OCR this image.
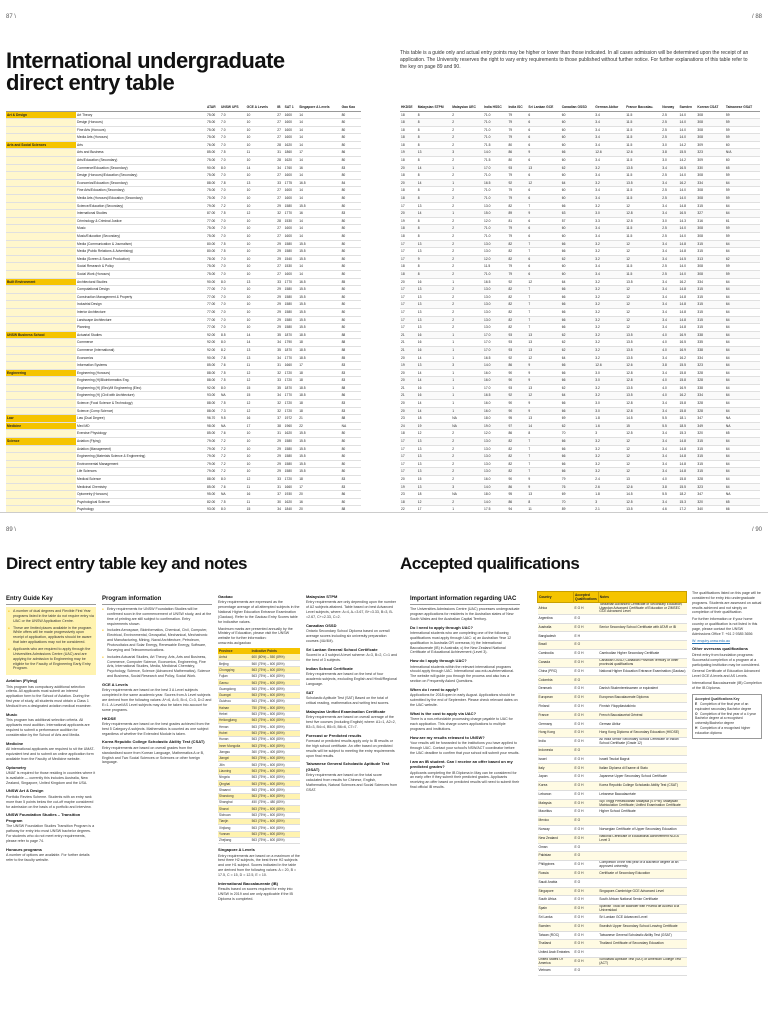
87 \	/ 88
International undergraduate direct entry table

This table is a guide only and actual entry points may be higher or lower than those indicated. In all cases admission will be determined upon the receipt of an application. The University reserves the right to vary entry requirements to those published without further notice. For further explanations of this table refer to the key on page 89 and 90.

		ATAR	UNSW UFS	GCE A Levels	IB	SAT 1	Singapore A Levels	Gao Kao
Art & Design	Art Theory	75.00	7.0	10	27	1600	14	80
	Design (Honours)	75.00	7.0	10	27	1600	14	80
	Fine Arts (Honours)	75.00	7.0	10	27	1600	14	80
	Media Arts (Honours)	75.00	7.0	10	27	1600	14	80
Arts and Social Sciences	Arts	76.00	7.0	10	28	1620	14	80
	Arts and Business	85.00	7.5	11	31	1860	17	86
	Arts/Education (Secondary)	75.00	7.0	10	28	1620	14	80
	Commerce/Education (Secondary)	90.00	8.0	14	34	1760	16	83
	Design (Honours)/Education (Secondary)	75.00	7.0	10	27	1600	14	80
	Economics/Education (Secondary)	88.00	7.8	13	33	1775	16.5	84
	Fine Arts/Education (Secondary)	75.00	7.0	10	27	1600	14	80
	Media Arts (Honours)/Education (Secondary)	75.00	7.0	10	27	1600	14	80
	Science/Education (Secondary)	79.00	7.2	10	29	1580	15.5	80
	International Studies	87.00	7.5	12	32	1770	16	83
	Criminology & Criminal Justice	77.00	7.0	10	28	1530	14	80
	Music	75.00	7.0	10	27	1600	14	80
	Music/Education (Secondary)	75.00	7.0	10	27	1600	14	80
	Media (Communication & Journalism)	80.00	7.5	10	29	1580	15.5	80
	Media (Public Relations & Advertising)	80.00	7.5	10	29	1580	15.5	80
	Media (Screen & Sound Production)	78.00	7.0	10	29	1540	15.5	80
	Social Research & Policy	75.00	7.0	10	27	1530	14	80
	Social Work (Honours)	75.00	7.0	10	27	1600	14	80
Built Environment	Architectural Studies	90.00	8.0	13	33	1770	16.5	85
	Computational Design	77.00	7.0	10	29	1580	15.5	80
	Construction Management & Property	77.00	7.0	10	29	1580	15.5	80
	Industrial Design	77.00	7.0	10	29	1580	15.5	80
	Interior Architecture	77.00	7.0	10	29	1580	15.5	80
	Landscape Architecture	77.00	7.0	10	29	1580	15.5	80
	Planning	77.00	7.0	10	29	1580	15.5	80
UNSW Business School	Actuarial Studies	92.00	8.5	14	35	1870	18.5	88
	Commerce	92.00	8.0	14	34	1790	18	88
	Commerce (International)	92.00	8.2	13	35	1870	18.5	88
	Economics	90.00	7.8	13	34	1770	18.5	85
	Information Systems	85.00	7.6	11	31	1660	17	83
Engineering	Engineering (Honours)	88.00	7.5	12	32	1720	18	83
	Engineering (H)/Bioinformatics Eng.	88.00	7.5	12	33	1720	18	83
	Engineering (H) (Elec)/M Engineering (Elec)	92.00	8.0	15	35	1870	18.5	88
	Engineering (H) (Civil with Architecture)	93.00	NA	15	34	1770	18.5	86
	Science (Food Science & Technology)	88.00	7.5	12	32	1720	18	83
	Science (Comp Science)	88.00	7.3	12	32	1720	18	83
Law	Law (Dual Degree)	96.70	9.5	16	37	1972	21	88
Medicine	Med MD	98.00	NA	17	38	1960	22	NA
	Exercise Physiology	85.00	7.6	10	31	1620	15.5	80
Science	Aviation (Flying)	79.00	7.2	10	29	1580	15.5	80
	Aviation (Management)	79.00	7.2	10	29	1580	15.5	80
	Engineering (Materials Science & Engineering)	79.00	7.2	10	29	1580	15.5	80
	Environmental Management	79.00	7.2	10	29	1580	15.5	80
	Life Sciences	79.00	7.2	10	29	1580	15.5	80
	Medical Science	88.00	8.0	12	33	1720	18	83
	Medicinal Chemistry	85.00	7.6	11	31	1660	17	83
	Optometry (Honours)	95.00	NA	16	37	1930	20	86
	Psychological Science	82.00	7.5	11	30	1620	16	80
	Psychology	93.00	8.0	15	34	1840	20	88

HKDSE	Malaysian STPM	Malaysian UEC	India HSSC	India ISC	Sri Lankan GCE	Canadian OSSD	German Abitur	France Baccalau.	Norway	Sweden	Korean CSAT	Taiwanese GSAT
18	8	2	71.0	79	6	60	3.4	11.5	2.5	14.0	308	59
18	8	2	71.0	79	6	60	3.4	11.5	2.5	14.0	308	59
18	8	2	71.0	79	6	60	3.4	11.5	2.5	14.0	308	59
18	8	2	71.0	79	6	60	3.4	11.5	2.5	14.0	308	59
18	8	2	71.5	80	6	60	3.4	11.5	3.0	14.2	309	60
19	13	3	14.0	86	9	66	12.6	12.6	3.8	15.5	323	N/A
18	8	2	71.5	80	6	60	3.4	11.5	3.0	14.2	309	60
20	14	1	17.0	93	13	62	3.2	13.5	3.4	16.5	330	65
18	8	2	71.0	79	6	60	3.4	11.5	2.5	14.0	308	59
20	14	1	16.5	92	12	64	3.2	13.5	3.4	16.2	334	64
18	8	2	71.0	79	6	60	3.4	11.5	2.5	14.0	308	59
18	8	2	71.0	79	6	60	3.4	11.5	2.5	14.0	308	59
17	13	2	13.0	82	7	66	3.2	12	3.4	14.8	315	64
20	14	1	15.0	89	9	63	3.0	12.8	3.4	16.5	327	64
19	8	2	12.0	81	6	57	3.3	12.5	3.0	14.3	316	61
18	8	2	71.0	79	6	60	3.4	11.5	2.5	14.0	308	59
18	8	2	71.0	79	6	60	3.4	11.5	2.5	14.0	308	59
17	13	2	13.0	82	7	66	3.2	12	3.4	14.8	315	64
17	13	2	13.0	82	7	66	3.2	12	3.4	14.8	315	64
17	9	2	12.0	82	6	62	3.2	12	3.4	14.5	313	62
18	8	2	11.5	79	6	60	3.4	11.5	2.5	14.0	308	59
18	8	2	71.0	79	6	60	3.4	11.5	2.5	14.0	308	59
20	16	1	16.5	92	12	64	3.2	13.5	3.4	16.2	334	64
17	13	2	13.0	82	7	66	3.2	12	3.4	14.8	315	64
17	13	2	13.0	82	7	66	3.2	12	3.4	14.8	315	64
17	13	2	13.0	82	7	66	3.2	12	3.4	14.8	315	64
17	13	2	13.0	82	7	66	3.2	12	3.4	14.8	315	64
17	13	2	13.0	82	7	66	3.2	12	3.4	14.8	315	64
17	13	2	13.0	82	7	66	3.2	12	3.4	14.8	315	64
21	16	1	17.0	93	13	62	3.2	13.5	4.0	16.9	338	64
21	16	1	17.0	93	13	62	3.2	13.5	4.0	16.5	335	64
21	16	1	17.0	93	13	62	3.2	13.5	4.0	16.9	338	64
20	14	1	16.5	92	12	64	3.2	13.5	3.4	16.2	334	64
19	13	3	14.0	86	9	66	12.6	12.6	3.8	15.5	323	64
20	14	1	16.0	90	9	66	3.0	12.8	3.4	15.8	328	64
20	14	1	16.0	90	9	66	3.0	12.8	4.0	15.8	328	64
21	16	1	17.0	93	13	62	3.2	13.5	4.0	16.9	338	64
21	16	1	16.5	92	12	64	3.2	13.5	4.0	16.2	334	64
20	14	1	16.0	90	9	66	3.0	12.8	3.4	15.8	328	64
20	14	1	16.0	90	9	66	3.0	12.8	3.4	15.8	328	64
23	18	NA	18.0	95	13	69	1.8	14.5	5.5	18.1	347	NA
24	19	NA	19.0	97	14	62	1.6	15	5.5	18.5	349	NA
18	12	2	12.0	86	8	70	3	12.5	3.4	15.3	320	65
17	13	2	13.0	82	7	66	3.2	12	3.4	14.8	315	64
17	13	2	13.0	82	7	66	3.2	12	3.4	14.8	315	64
17	13	2	13.0	82	7	66	3.2	12	3.4	14.8	315	64
17	13	2	13.0	82	7	66	3.2	12	3.4	14.8	315	64
17	13	2	13.0	82	7	66	3.2	12	3.4	14.8	315	64
20	15	2	16.0	90	9	79	2.4	13	4.0	15.8	328	64
19	13	3	14.0	86	9	76	2.6	12.6	3.8	15.5	323	64
23	18	NA	18.0	95	13	69	1.8	14.5	5.5	18.2	347	NA
18	12	2	14.0	86	8	70	3	12.5	3.4	15.3	320	65
22	17	1	17.5	94	11	89	2.1	13.5	4.6	17.2	340	66

89 \	/ 90
Direct entry table key and notes	Accepted qualifications
Entry Guide Key
● A number of dual degrees and Flexible First Year programs listed in the table do not require entry via UAC or the UNSW Application Centre.
● These are limited places available in the program. While offers will be made progressively upon receipt of application, applicants should be aware that later applications may not be considered.
● Applicants who are required to apply through the Universities Admissions Centre (UAC) and are applying for admission to Engineering may be eligible for the Faculty of Engineering Early Entry Program.
Aviation (Flying)

This program has compulsory additional selection criteria. All applicants must submit an interest application form to the School of Aviation. During the first year of study, all students must obtain a Class 1 Medical from a designated aviation medical examiner.

Music

This program has additional selection criteria. All applicants must audition. International applicants are required to submit a performance audition for consideration by the School of Arts and Media.

Medicine

All international applicants are required to sit the UMAT-equivalent test and to submit an online application form available from the Faculty of Medicine website.

Optometry

UMAT is required for those residing in countries where it is available — currently this includes Australia, New Zealand, Singapore, United Kingdom and the USA.

UNSW Art & Design

Portfolio Review Scheme. Students with an entry rank more than 5 points below the cut-off maybe considered for admission on the basis of a portfolio and interview.

UNSW Foundation Studies – Transition Program

The UNSW Foundation Studies Transition Program is a pathway for entry into most UNSW bachelor degrees. For students who do not meet entry requirements, please refer to page 74.

Honours programs

A number of options are available. For further details refer to the faculty website.

Program information
● Entry requirements for UNSW Foundation Studies will be confirmed soon in the commencement of UNSW study, and at the time of printing are still subject to confirmation. Entry requirements shown.
● Includes Aerospace, Bioinformatics, Chemical, Civil, Computer, Electrical, Environmental, Geospatial, Mechanical, Mechatronic and Manufacturing, Mining, Naval Architecture, Petroleum, Photovoltaics and Solar Energy, Renewable Energy, Software, Surveying and Telecommunications.
● Includes Actuarial Studies, Art Theory, Arts, Arts and Business, Commerce, Computer Science, Economics, Engineering, Fine Arts, International Studies, Media, Medicinal Chemistry, Psychology, Science, Science (Advanced Mathematics), Science and Business, Social Research and Policy, Social Work.
GCE A Levels

Entry requirements are based on the best 3 A Level subjects completed in the same academic year. Scores from A Level subjects are derived from the following values: A*=6, A=5, B=4, C=3, D=2 and E=1. A Level/AS Level subjects may also be taken into account for some programs.

HKDSE

Entry requirements are based on the best grades achieved from the best 5 Category A subjects. Mathematics is counted as one subject regardless of whether the Extended Module is taken.

Korea Republic College Scholastic Ability Test (CSAT)

Entry requirements are based on overall grades from the standardised score from Korean Language, Mathematics A or B, English and Two Social Sciences or Sciences or other foreign language.

Gaokao

Entry requirements are expressed as the percentage average of all attempted subjects in the National Higher Education Entrance Examination (Gaokao). Refer to the Gaokao Entry Scores table for indicative values.

Maximum marks are presented annually by the Ministry of Education, please visit the UNSW website for further information: unsw.edu.au/gaokao

Province	Indicative Points
Anhui	600 (80%) – 550 (89%)
Beijing	560 (75%) – 600 (80%)
Chongqing	563 (75%) – 600 (80%)
Fujian	563 (75%) – 600 (80%)
Gansu	563 (75%) – 600 (80%)
Guangdong	563 (75%) – 600 (80%)
Guangxi	563 (75%) – 600 (80%)
Guizhou	563 (75%) – 600 (80%)
Hainan	750 (75%) – 800 (80%)
Hebei	563 (75%) – 600 (80%)
Heilongjiang	563 (75%) – 600 (80%)
Henan	563 (75%) – 600 (80%)
Hubei	563 (75%) – 600 (80%)
Hunan	563 (75%) – 600 (80%)
Inner Mongolia	563 (75%) – 600 (80%)
Jiangsu	360 (75%) – 400 (80%)
Jiangxi	563 (75%) – 600 (80%)
Jilin	563 (75%) – 600 (80%)
Liaoning	563 (75%) – 600 (80%)
Ningxia	563 (75%) – 600 (80%)
Qinghai	563 (75%) – 600 (80%)
Shaanxi	563 (75%) – 600 (80%)
Shandong	563 (75%) – 600 (80%)
Shanghai	450 (75%) – 480 (80%)
Shanxi	563 (75%) – 600 (80%)
Sichuan	563 (75%) – 600 (80%)
Tianjin	563 (75%) – 600 (80%)
Xinjiang	563 (75%) – 600 (80%)
Yunnan	563 (75%) – 600 (80%)
Zhejiang	563 (75%) – 600 (80%)
Singapore A Levels

Entry requirements are based on a maximum of the best three H2 subjects, the best three H2 subjects and one H1 subject. Scores indicated in the table are derived from the following values: A = 20, B = 17.5, C = 15, D = 12.5, E = 10.

International Baccalaureate (IB)

Results based on scores required for entry into UNSW in 2019 and are only applicable if the IB Diploma is completed.

Malaysian STPM

Entry requirements are only depending upon the number of A2 subjects attained. Table based on best Advanced Level subjects, where: A=4, A-=3.67, B+=3.33, B=3, B-=2.67, C+=2.33, C=2.

Canadian OSSD

Ontario Secondary School Diploma based on overall average scores including six university preparation courses (4U/4M).

Sri Lankan General School Certificate

Scored in a 3 subject A level scheme: A=3, B=2, C=1 and the best of 3 subjects.

Indian School Certificate

Entry requirements are based on the best of four academic subjects, excluding English and Hindi/Regional Language.

SAT

Scholastic Aptitude Test (SAT) Based on the total of critical reading, mathematics and writing test scores.

Malaysian Unified Examination Certificate

Entry requirements are based on overall average of the best five courses (including English) where: A1=1, A2=2, B3=3, B4=4, B5=5, B6=6, C7=7.

Forecast or Predicted results

Forecast or predicted results apply only to IB results or the high school certificate. An offer based on predicted results will be subject to meeting the entry requirements upon final results.

Taiwanese General Scholastic Aptitude Test (GSAT)

Entry requirements are based on the total score calculated from results for Chinese, English, Mathematics, Natural Sciences and Social Sciences from GSAT.

Important information regarding UAC

The Universities Admissions Centre (UAC) processes undergraduate program applications for residents in the Australian states of New South Wales and the Australian Capital Territory.

Do I need to apply through UAC?

International students who are completing one of the following qualifications must apply through UAC: a) an Australian Year 12 qualification in Australia OR overseas; b) the International Baccalaureate (IB) in Australia; c) the New Zealand National Certificate of Educational Achievement (Level 3).

How do I apply through UAC?

International students within the relevant international programs should apply through UAC. International uac.edu.au/international. The website will guide you through the process and also has a section on Frequently Asked Questions.

When do I need to apply?

Applications for 2018 open in early August. Applications should be submitted by the end of September. Please check relevant dates on the UAC website.

What is the cost to apply via UAC?

There is a non-refundable processing charge payable to UAC for each application. This charge covers applications to multiple programs and institutions.

How are my results released to UNSW?

Your results will be forwarded to the institutions you have applied to through UAC. Contact your school's NSW/ACT coordinator before the UAC deadline to confirm that your school will submit your results.

I am an IB student. Can I receive an offer based on my predicted grades?

Applicants completing the IB Diploma in May can be considered for an early offer if they submit their predicted grades. Applicants receiving an offer based on predicted results will need to submit their final official IB results.

Country	Accepted Qualifications	Notes
Africa	E O H	Tanzanian Advanced Certificate of Secondary Education; Ugandan Advanced Certificate of Education or ZIMSEC GCE Advanced Level
Argentina	E O	
Australia	E O H	Senior Secondary School Certificate with ATAR or IB
Bangladesh	E H	
Brazil	E O	
Cambodia	E O H	Cambodian Higher Secondary Certificate
Canada	E O H	Canadian OSSD; Canadian Province/Territory or other provincial qualifications
China (PRC)	E O H	National Higher Education Entrance Examination (Gaokao)
Colombia	E O	
Denmark	E O H	Danish Studentereksamen or equivalent
European	E O H	European Baccalaureate Diploma
Finland	E O H	Finnish Ylioppilastutkinto
France	E O H	French Baccalauréat Général
Germany	E O H	German Abitur
Hong Kong	E O H	Hong Kong Diploma of Secondary Education (HKDSE)
India	E O H	All India Senior Secondary School Certificate or Indian School Certificate (Grade 12)
Indonesia	E O	
Israel	E O H	Israeli Teudat Bagrut
Italy	E O H	Italian Diploma di Esame di Stato
Japan	E O H	Japanese Upper Secondary School Certificate
Korea	E O H	Korea Republic College Scholastic Ability Test (CSAT)
Lebanon	E O H	Lebanese Baccalauréate
Malaysia	E O H	Sijil Tinggi Persekolahan Malaysia (STPM); Malaysian Matriculation Certificate; Unified Examination Certificate
Mauritius	E O H	Higher School Certificate
Mexico	E O	
Norway	E O H	Norwegian Certificate of Upper Secondary Education
New Zealand	E O H	National Certificate of Educational Achievement NCEA Level 3
Oman	E O	
Pakistan	E O	
Philippines	E O H	Completion of the first year of a Bachelor degree at an approved university
Russia	E O H	Certificate of Secondary Education
Saudi Arabia	E O	
Singapore	E O H	Singapore-Cambridge GCE Advanced Level
South Africa	E O H	South African National Senior Certificate
Spain	E O H	Spanish Título de Bachiller with Prueba de Acceso a la Universidad
Sri Lanka	E O H	Sri Lankan GCE Advanced Level
Sweden	E O H	Swedish Upper Secondary School Leaving Certificate
Taiwan (ROC)	E O H	Taiwanese General Scholastic Ability Test (GSAT)
Thailand	E O H	Thailand Certificate of Secondary Education
United Arab Emirates	E O H	
United States Of America	E O H	Scholastic Aptitude Test (SAT) or American College Test (ACT)
Vietnam	E O	

The qualifications listed on this page will be considered for entry into undergraduate programs. Students are assessed on actual results achieved and not simply on completion of their qualification.

For further information or if your home country or qualification is not listed in this page, please contact the UNSW Admissions Office T: +61 2 9385 3656

W: enquiry.unsw.edu.au

Other overseas qualifications

Direct entry from foundation programs: Successful completion of a program at a participating institution may be considered.

General Certificate of Education Advanced Level GCE A levels and AS Levels.

International Baccalaureate (IB) Completion of the IB Diploma.

Accepted Qualifications Key
E Completion of the final year of an equivalent secondary Bachelor degree
O Completion of the first year of a 4 year Bachelor degree at a recognised university/Bachelor degree
H Completion of a recognised higher education diploma
